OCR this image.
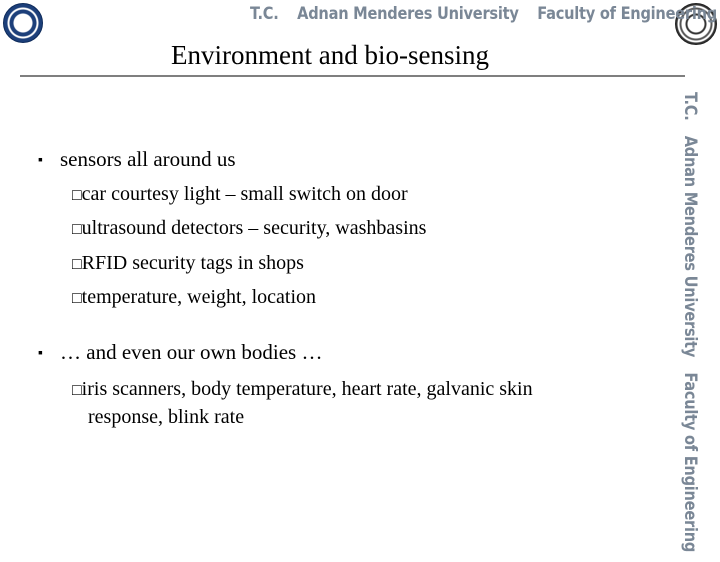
T.C. Adnan Menderes University Faculty of Engineering
T.C. Adnan Menderes University Faculty of Engineering
Environment and bio-sensing
▪ sensors all around us
□car courtesy light – small switch on door
□ultrasound detectors – security, washbasins
□RFID security tags in shops
□temperature, weight, location
▪ … and even our own bodies …
□iris scanners, body temperature, heart rate, galvanic skin
response, blink rate
